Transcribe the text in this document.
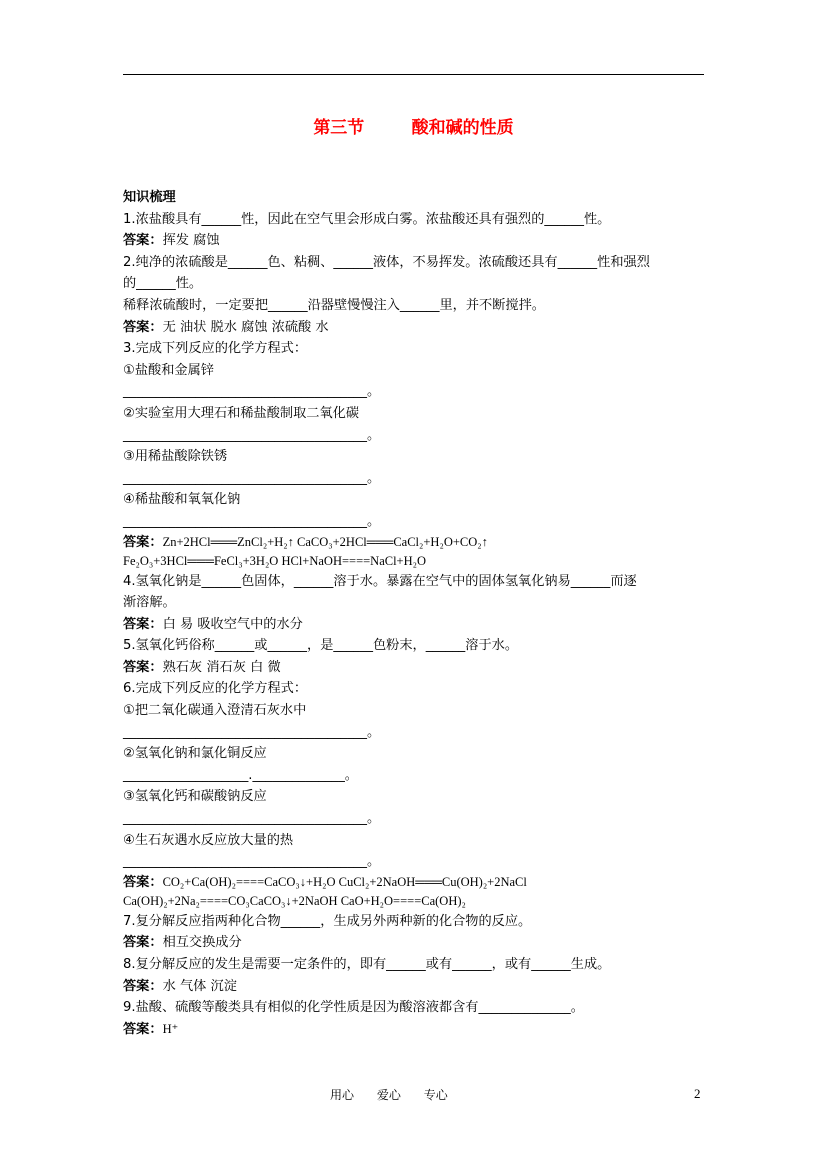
第三节        酸和碱的性质
知识梳理
1.浓盐酸具有______性，因此在空气里会形成白雾。浓盐酸还具有强烈的______性。
答案：挥发 腐蚀
2.纯净的浓硫酸是______色、粘稠、______液体，不易挥发。浓硫酸还具有______性和强烈
的______性。
稀释浓硫酸时，一定要把______沿器壁慢慢注入______里，并不断搅拌。
答案：无 油状 脱水 腐蚀 浓硫酸 水
3.完成下列反应的化学方程式：
①盐酸和金属锌
_____________________________________。
②实验室用大理石和稀盐酸制取二氧化碳
_____________________________________。
③用稀盐酸除铁锈
_____________________________________。
④稀盐酸和氧氧化钠
_____________________________________。
答案：Zn+2HCl═══ZnCl₂+H₂↑ CaCO₃+2HCl═══CaCl₂+H₂O+CO₂↑
Fe₂O₃+3HCl═══FeCl₃+3H₂O HCl+NaOH====NaCl+H₂O
4.氢氧化钠是______色固体，______溶于水。暴露在空气中的固体氢氧化钠易______而逐
渐溶解。
答案：白 易 吸收空气中的水分
5.氢氧化钙俗称______或______，是______色粉末，______溶于水。
答案：熟石灰 消石灰 白 微
6.完成下列反应的化学方程式：
①把二氧化碳通入澄清石灰水中
_____________________________________。
②氢氧化钠和氯化铜反应
___________________.______________。
③氢氧化钙和碳酸钠反应
_____________________________________。
④生石灰遇水反应放大量的热
_____________________________________。
答案：CO₂+Ca(OH)₂====CaCO₃↓+H₂O CuCl₂+2NaOH═══Cu(OH)₂+2NaCl
Ca(OH)₂+2Na₂====CO₃CaCO₃↓+2NaOH CaO+H₂O====Ca(OH)₂
7.复分解反应指两种化合物______，生成另外两种新的化合物的反应。
答案：相互交换成分
8.复分解反应的发生是需要一定条件的，即有______或有______，或有______生成。
答案：水 气体 沉淀
9.盐酸、硫酸等酸类具有相似的化学性质是因为酸溶液都含有______________。
答案：H⁺
用心      爱心      专心	2
